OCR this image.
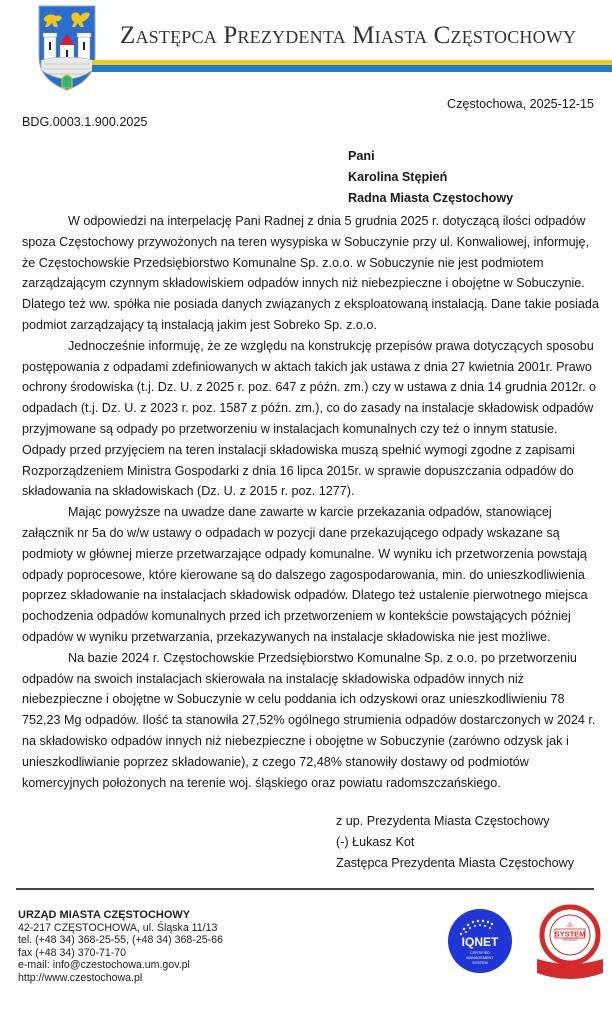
Zastępca Prezydenta Miasta Częstochowy
Częstochowa, 2025-12-15
BDG.0003.1.900.2025
Pani
Karolina Stępień
Radna Miasta Częstochowy

W odpowiedzi na interpelację Pani Radnej z dnia 5 grudnia 2025 r. dotyczącą ilości odpadów spoza Częstochowy przywożonych na teren wysypiska w Sobuczynie przy ul. Konwaliowej, informuję, że Częstochowskie Przedsiębiorstwo Komunalne Sp. z.o.o. w Sobuczynie nie jest podmiotem zarządzającym czynnym składowiskiem odpadów innych niż niebezpieczne i obojętne w Sobuczynie. Dlatego też ww. spółka nie posiada danych związanych z eksploatowaną instalacją. Dane takie posiada podmiot zarządzający tą instalacją jakim jest Sobreko Sp. z.o.o.

Jednocześnie informuję, że ze względu na konstrukcję przepisów prawa dotyczących sposobu postępowania z odpadami zdefiniowanych w aktach takich jak ustawa z dnia 27 kwietnia 2001r. Prawo ochrony środowiska (t.j. Dz. U. z 2025 r. poz. 647 z późn. zm.) czy w ustawa z dnia 14 grudnia 2012r. o odpadach (t.j. Dz. U. z 2023 r. poz. 1587 z późn. zm.), co do zasady na instalacje składowisk odpadów przyjmowane są odpady po przetworzeniu w instalacjach komunalnych czy też o innym statusie. Odpady przed przyjęciem na teren instalacji składowiska muszą spełnić wymogi zgodne z zapisami Rozporządzeniem Ministra Gospodarki z dnia 16 lipca 2015r. w sprawie dopuszczania odpadów do składowania na składowiskach (Dz. U. z 2015 r. poz. 1277).

Mając powyższe na uwadze dane zawarte w karcie przekazania odpadów, stanowiącej załącznik nr 5a do w/w ustawy o odpadach w pozycji dane przekazującego odpady wskazane są podmioty w głównej mierze przetwarzające odpady komunalne. W wyniku ich przetworzenia powstają odpady poprocesowe, które kierowane są do dalszego zagospodarowania, min. do unieszkodliwienia poprzez składowanie na instalacjach składowisk odpadów. Dlatego też ustalenie pierwotnego miejsca pochodzenia odpadów komunalnych przed ich przetworzeniem w kontekście powstających później odpadów w wyniku przetwarzania, przekazywanych na instalacje składowiska nie jest możliwe.

Na bazie 2024 r. Częstochowskie Przedsiębiorstwo Komunalne Sp. z o.o. po przetworzeniu odpadów na swoich instalacjach skierowała na instalację składowiska odpadów innych niż niebezpieczne i obojętne w Sobuczynie w celu poddania ich odzyskowi oraz unieszkodliwieniu 78 752,23 Mg odpadów. Ilość ta stanowiła 27,52% ogólnego strumienia odpadów dostarczonych w 2024 r. na składowisko odpadów innych niż niebezpieczne i obojętne w Sobuczynie (zarówno odzysk jak i unieszkodliwianie poprzez składowanie), z czego 72,48% stanowiły dostawy od podmiotów komercyjnych położonych na terenie woj. śląskiego oraz powiatu radomszczańskiego.

z up. Prezydenta Miasta Częstochowy
(-) Łukasz Kot
Zastępca Prezydenta Miasta Częstochowy
URZĄD MIASTA CZĘSTOCHOWY
42-217 CZĘSTOCHOWA, ul. Śląska 11/13
tel. (+48 34) 368-25-55, (+48 34) 368-25-66
fax (+48 34) 370-71-70
e-mail: info@czestochowa.um.gov.pl
http://www.czestochowa.pl
IQNET
CERTIFIED
MANAGEMENT
SYSTEM
SYSTEM
